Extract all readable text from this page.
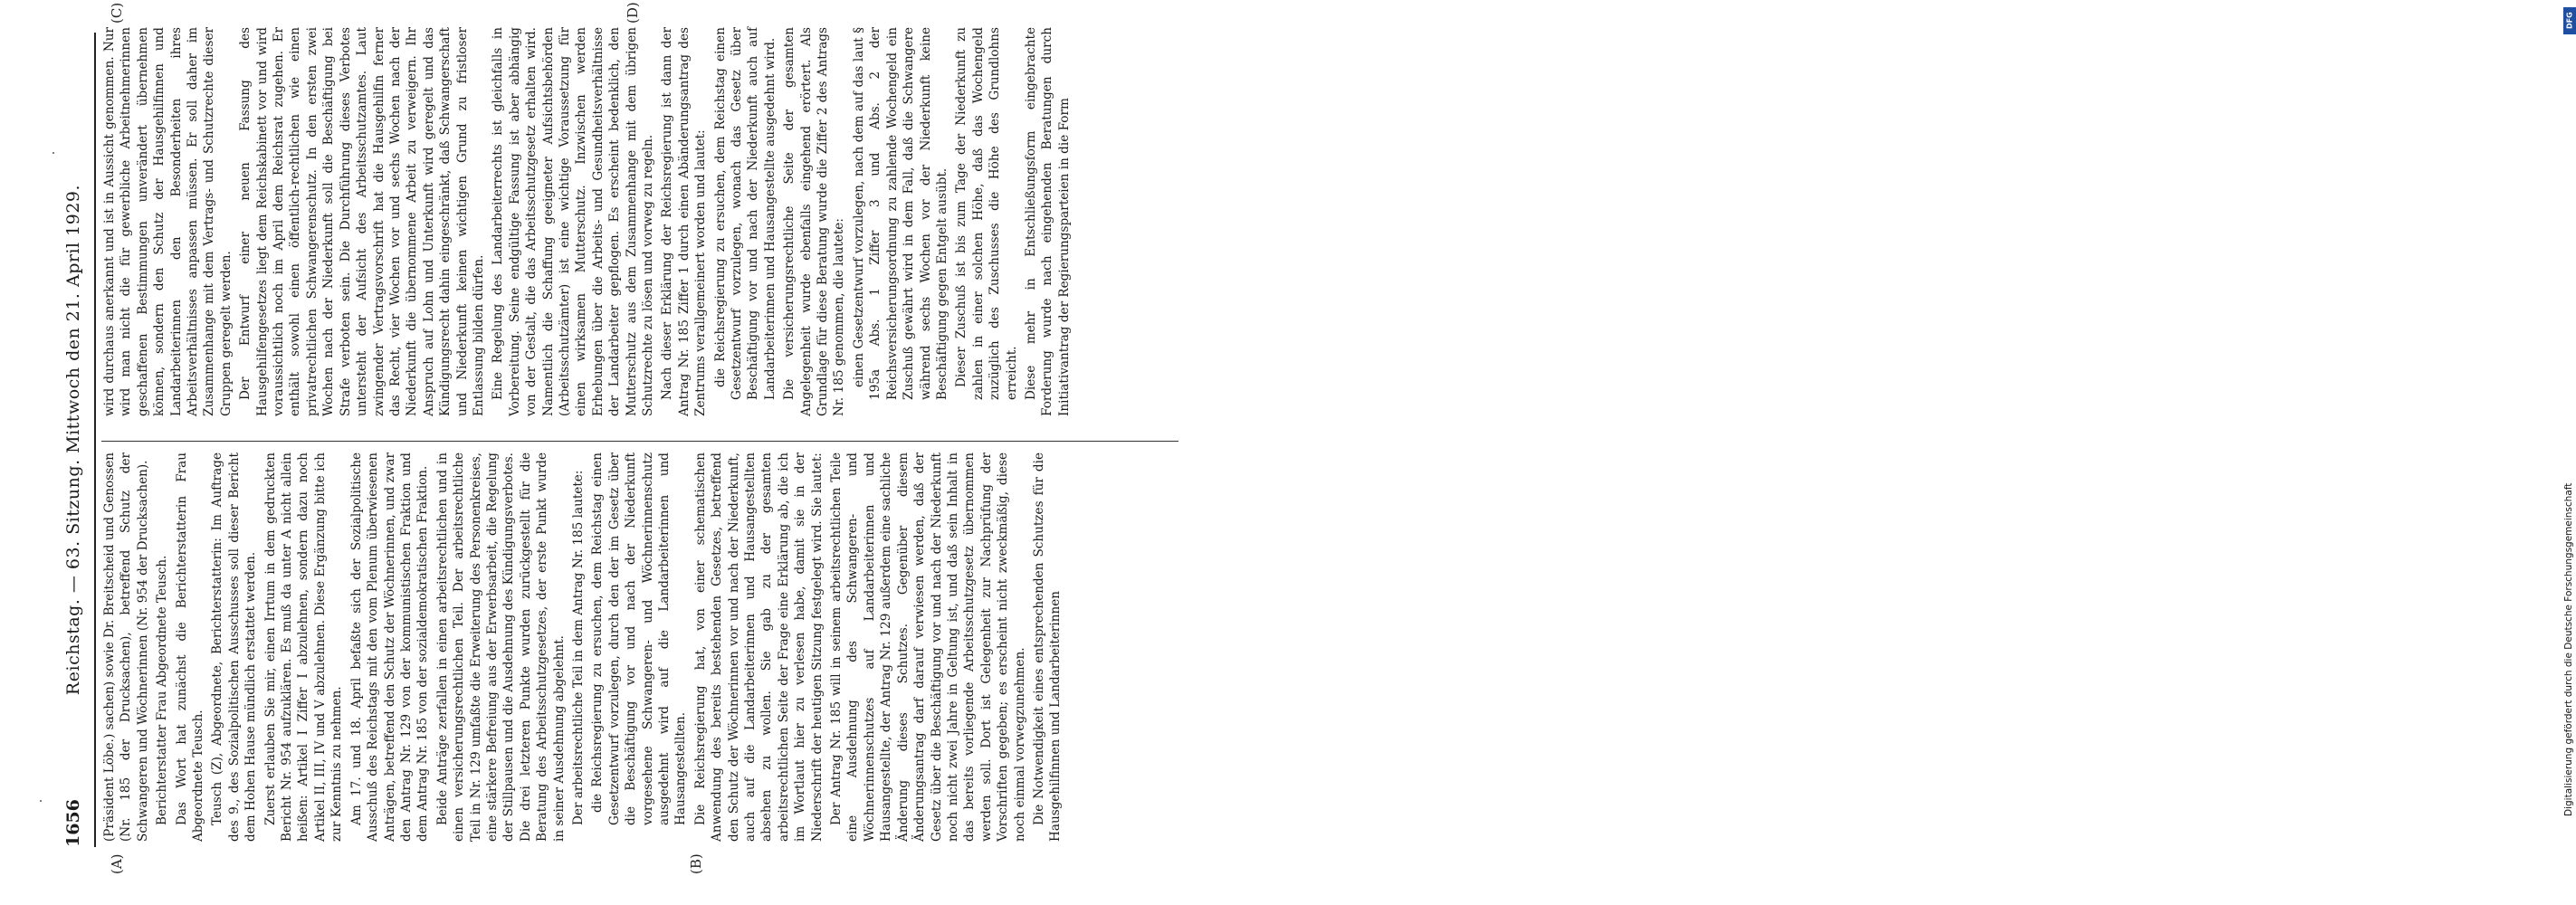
1656
Reichstag. — 63. Sitzung. Mittwoch den 21. April 1929.
(A)	(B)
(C)	(D)

(Präsident Löbe.) sachen) sowie Dr. Breitscheid und Genossen (Nr. 185 der Drucksachen), betreffend Schutz der Schwangeren und Wöchnerinnen (Nr. 954 der Drucksachen). Berichterstatter Frau Abgeordnete Teusch. Das Wort hat zunächst die Berichterstatterin Frau Abgeordnete Teusch. Teusch (Z), Abgeordnete, Berichterstatterin: Im Auftrage des 9., des Sozialpolitischen Ausschusses soll dieser Bericht dem Hohen Hause mündlich erstattet werden. Zuerst erlauben Sie mir, einen Irrtum in dem gedruckten Bericht Nr. 954 aufzuklären. Es muß da unter A nicht allein heißen: Artikel I Ziffer I abzulehnen, sondern dazu noch Artikel II, III, IV und V abzulehnen. Diese Ergänzung bitte ich zur Kenntnis zu nehmen. Am 17. und 18. April befaßte sich der Sozialpolitische Ausschuß des Reichstags mit den vom Plenum überwiesenen Anträgen, betreffend den Schutz der Wöchnerinnen, und zwar den Antrag Nr. 129 von der kommunistischen Fraktion und dem Antrag Nr. 185 von der sozialdemokratischen Fraktion. Beide Anträge zerfallen in einen arbeitsrechtlichen und in einen versicherungsrechtlichen Teil. Der arbeitsrechtliche Teil in Nr. 129 umfaßte die Erweiterung des Personenkreises, eine stärkere Befreiung aus der Erwerbsarbeit, die Regelung der Stillpausen und die Ausdehnung des Kündigungsverbotes. Die drei letzteren Punkte wurden zurückgestellt für die Beratung des Arbeitsschutzgesetzes, der erste Punkt wurde in seiner Ausdehnung abgelehnt. Der arbeitsrechtliche Teil in dem Antrag Nr. 185 lautete: die Reichsregierung zu ersuchen, dem Reichstag einen Gesetzentwurf vorzulegen, durch den der im Gesetz über die Beschäftigung vor und nach der Niederkunft vorgesehene Schwangeren- und Wöchnerinnenschutz ausgedehnt wird auf die Landarbeiterinnen und Hausangestellten. Die Reichsregierung hat, von einer schematischen Anwendung des bereits bestehenden Gesetzes, betreffend den Schutz der Wöchnerinnen vor und nach der Niederkunft, auch auf die Landarbeiterinnen und Hausangestellten absehen zu wollen. Sie gab zu der gesamten arbeitsrechtlichen Seite der Frage eine Erklärung ab, die ich im Wortlaut hier zu verlesen habe, damit sie in der Niederschrift der heutigen Sitzung festgelegt wird. Sie lautet: Der Antrag Nr. 185 will in seinem arbeitsrechtlichen Teile eine Ausdehnung des Schwangeren- und Wöchnerinnenschutzes auf Landarbeiterinnen und Hausangestellte, der Antrag Nr. 129 außerdem eine sachliche Änderung dieses Schutzes. Gegenüber diesem Änderungsantrag darf darauf verwiesen werden, daß der Gesetz über die Beschäftigung vor und nach der Niederkunft noch nicht zwei Jahre in Geltung ist, und daß sein Inhalt in das bereits vorliegende Arbeitsschutzgesetz übernommen werden soll. Dort ist Gelegenheit zur Nachprüfung der Vorschriften gegeben; es erscheint nicht zweckmäßig, diese noch einmal vorwegzunehmen. Die Notwendigkeit eines entsprechenden Schutzes für die Hausgehilfinnen und Landarbeiterinnen

wird durchaus anerkannt und ist in Aussicht genommen. Nur wird man nicht die für gewerbliche Arbeitnehmerinnen geschaffenen Bestimmungen unverändert übernehmen können, sondern den Schutz der Hausgehilfinnen und Landarbeiterinnen den Besonderheiten ihres Arbeitsverhältnisses anpassen müssen. Er soll daher im Zusammenhange mit dem Vertrags- und Schutzrechte dieser Gruppen geregelt werden. Der Entwurf einer neuen Fassung des Hausgehilfengesetzes liegt dem Reichskabinett vor und wird voraussichtlich noch im April dem Reichsrat zugehen. Er enthält sowohl einen öffentlich-rechtlichen wie einen privatrechtlichen Schwangerenschutz. In den ersten zwei Wochen nach der Niederkunft soll die Beschäftigung bei Strafe verboten sein. Die Durchführung dieses Verbotes untersteht der Aufsicht des Arbeitsschutzamtes. Laut zwingender Vertragsvorschrift hat die Hausgehilfin ferner das Recht, vier Wochen vor und sechs Wochen nach der Niederkunft die übernommene Arbeit zu verweigern. Ihr Anspruch auf Lohn und Unterkunft wird geregelt und das Kündigungsrecht dahin eingeschränkt, daß Schwangerschaft und Niederkunft keinen wichtigen Grund zu fristloser Entlassung bilden dürfen. Eine Regelung des Landarbeiterrechts ist gleichfalls in Vorbereitung. Seine endgültige Fassung ist aber abhängig von der Gestalt, die das Arbeitsschutzgesetz erhalten wird. Namentlich die Schaffung geeigneter Aufsichtsbehörden (Arbeitsschutzämter) ist eine wichtige Voraussetzung für einen wirksamen Mutterschutz. Inzwischen werden Erhebungen über die Arbeits- und Gesundheitsverhältnisse der Landarbeiter gepflogen. Es erscheint bedenklich, den Mutterschutz aus dem Zusammenhange mit dem übrigen Schutzrechte zu lösen und vorweg zu regeln. Nach dieser Erklärung der Reichsregierung ist dann der Antrag Nr. 185 Ziffer 1 durch einen Abänderungsantrag des Zentrums verallgemeinert worden und lautet: die Reichsregierung zu ersuchen, dem Reichstag einen Gesetzentwurf vorzulegen, wonach das Gesetz über Beschäftigung vor und nach der Niederkunft auch auf Landarbeiterinnen und Hausangestellte ausgedehnt wird. Die versicherungsrechtliche Seite der gesamten Angelegenheit wurde ebenfalls eingehend erörtert. Als Grundlage für diese Beratung wurde die Ziffer 2 des Antrags Nr. 185 genommen, die lautete: einen Gesetzentwurf vorzulegen, nach dem auf das laut § 195a Abs. 1 Ziffer 3 und Abs. 2 der Reichsversicherungsordnung zu zahlende Wochengeld ein Zuschuß gewährt wird in dem Fall, daß die Schwangere während sechs Wochen vor der Niederkunft keine Beschäftigung gegen Entgelt ausübt. Dieser Zuschuß ist bis zum Tage der Niederkunft zu zahlen in einer solchen Höhe, daß das Wochengeld zuzüglich des Zuschusses die Höhe des Grundlohns erreicht. Diese mehr in Entschließungsform eingebrachte Forderung wurde nach eingehenden Beratungen durch Initiativantrag der Regierungsparteien in die Form

DFG
Digitalisierung gefördert durch die Deutsche Forschungsgemeinschaft
